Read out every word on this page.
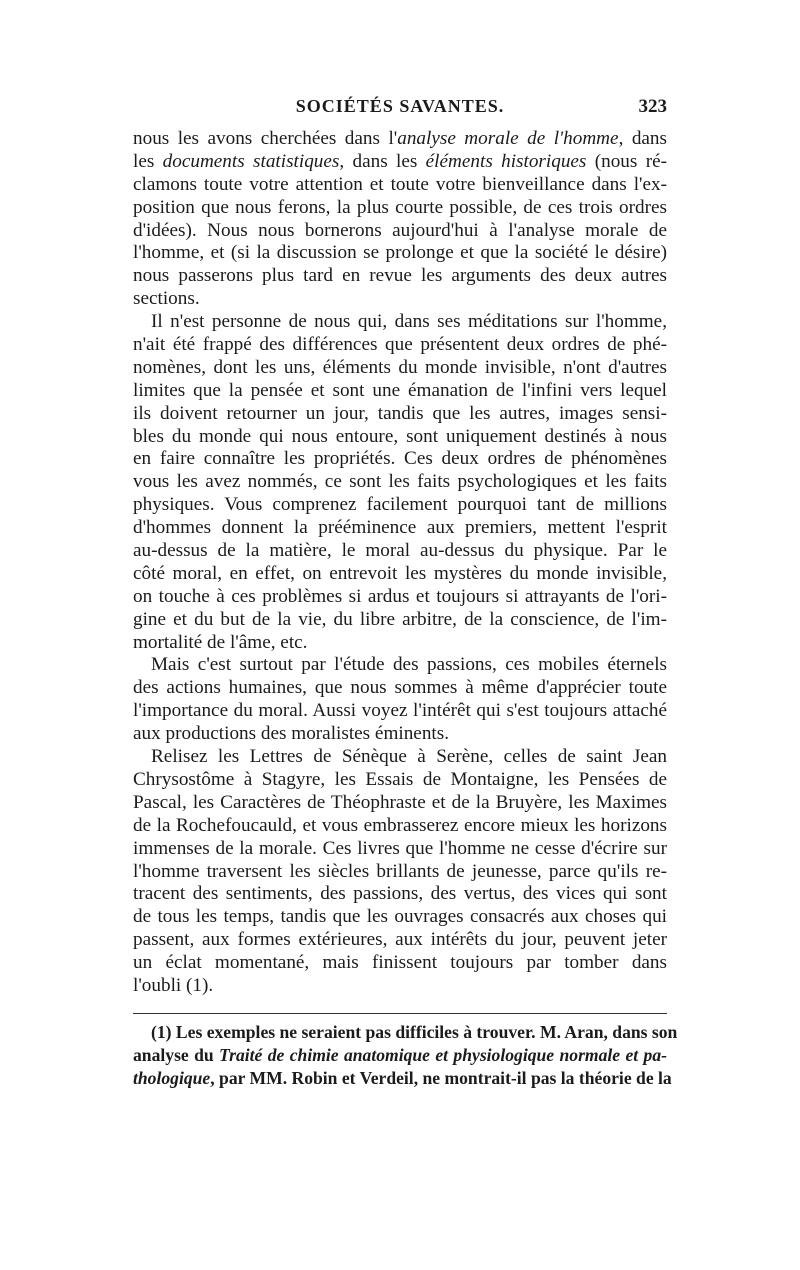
SOCIÉTÉS SAVANTES.	323
nous les avons cherchées dans l'analyse morale de l'homme, dans
les documents statistiques, dans les éléments historiques (nous ré-
clamons toute votre attention et toute votre bienveillance dans l'ex-
position que nous ferons, la plus courte possible, de ces trois ordres
d'idées). Nous nous bornerons aujourd'hui à l'analyse morale de
l'homme, et (si la discussion se prolonge et que la société le désire)
nous passerons plus tard en revue les arguments des deux autres
sections.
Il n'est personne de nous qui, dans ses méditations sur l'homme,
n'ait été frappé des différences que présentent deux ordres de phé-
nomènes, dont les uns, éléments du monde invisible, n'ont d'autres
limites que la pensée et sont une émanation de l'infini vers lequel
ils doivent retourner un jour, tandis que les autres, images sensi-
bles du monde qui nous entoure, sont uniquement destinés à nous
en faire connaître les propriétés. Ces deux ordres de phénomènes
vous les avez nommés, ce sont les faits psychologiques et les faits
physiques. Vous comprenez facilement pourquoi tant de millions
d'hommes donnent la prééminence aux premiers, mettent l'esprit
au-dessus de la matière, le moral au-dessus du physique. Par le
côté moral, en effet, on entrevoit les mystères du monde invisible,
on touche à ces problèmes si ardus et toujours si attrayants de l'ori-
gine et du but de la vie, du libre arbitre, de la conscience, de l'im-
mortalité de l'âme, etc.
Mais c'est surtout par l'étude des passions, ces mobiles éternels
des actions humaines, que nous sommes à même d'apprécier toute
l'importance du moral. Aussi voyez l'intérêt qui s'est toujours attaché
aux productions des moralistes éminents.
Relisez les Lettres de Sénèque à Serène, celles de saint Jean
Chrysostôme à Stagyre, les Essais de Montaigne, les Pensées de
Pascal, les Caractères de Théophraste et de la Bruyère, les Maximes
de la Rochefoucauld, et vous embrasserez encore mieux les horizons
immenses de la morale. Ces livres que l'homme ne cesse d'écrire sur
l'homme traversent les siècles brillants de jeunesse, parce qu'ils re-
tracent des sentiments, des passions, des vertus, des vices qui sont
de tous les temps, tandis que les ouvrages consacrés aux choses qui
passent, aux formes extérieures, aux intérêts du jour, peuvent jeter
un éclat momentané, mais finissent toujours par tomber dans
l'oubli (1).
(1) Les exemples ne seraient pas difficiles à trouver. M. Aran, dans son
analyse du Traité de chimie anatomique et physiologique normale et pa-
thologique, par MM. Robin et Verdeil, ne montrait-il pas la théorie de la
